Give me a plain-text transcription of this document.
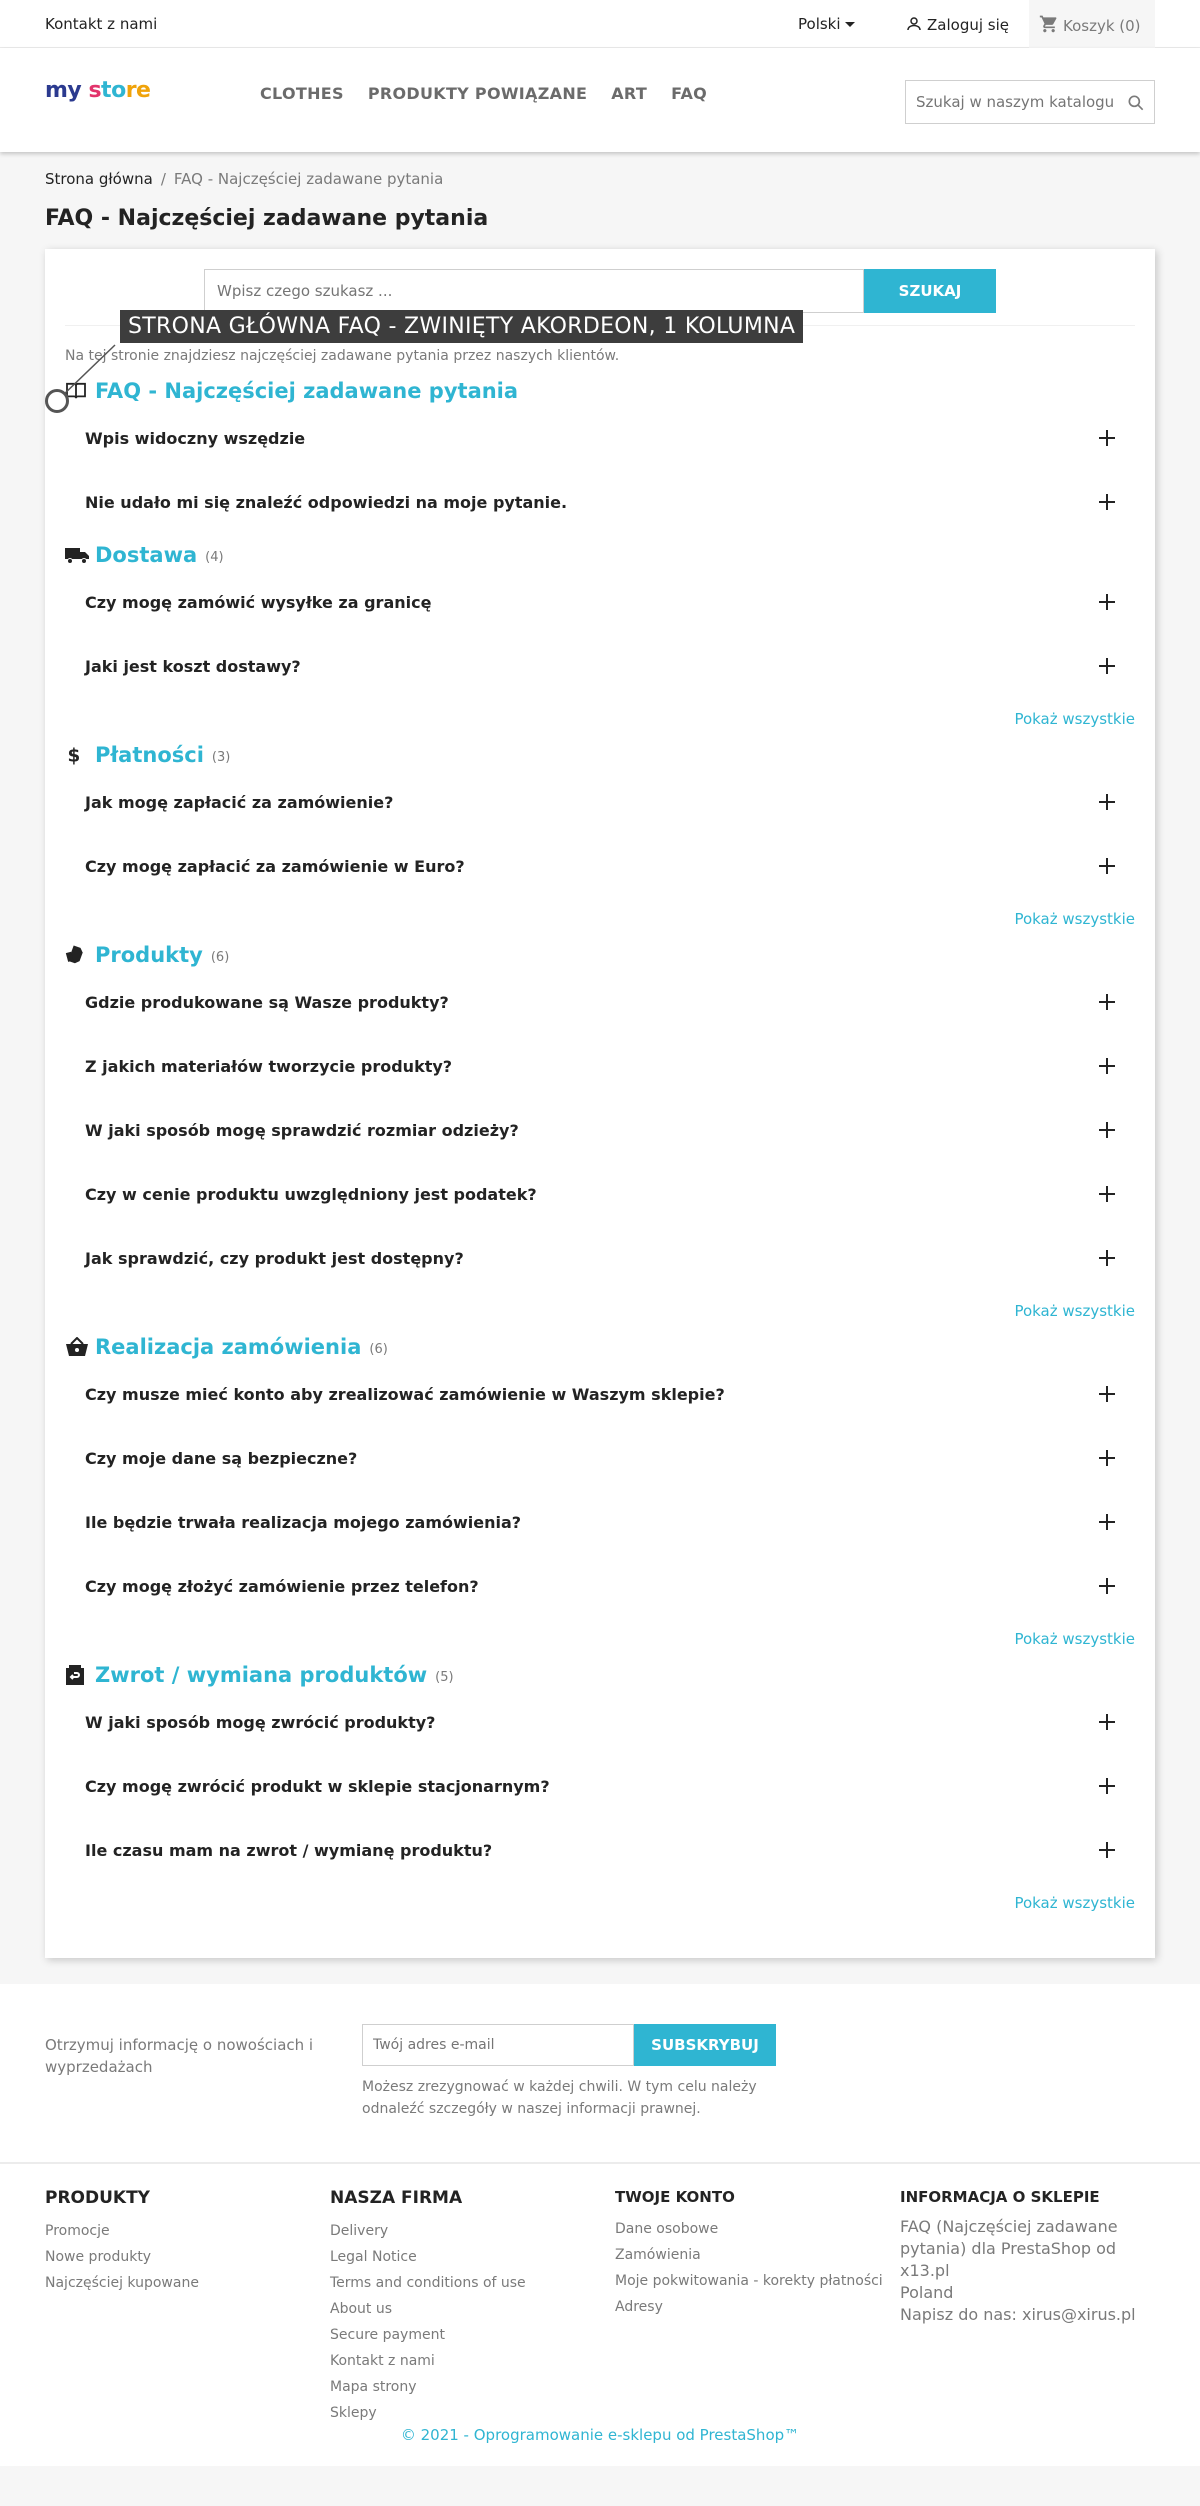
Kontakt z nami	Polski	Zaloguj się	Koszyk (0)
my store	CLOTHES PRODUKTY POWIĄZANE ART FAQ
Szukaj w naszym katalogu
Strona główna / FAQ - Najczęściej zadawane pytania
FAQ - Najczęściej zadawane pytania
STRONA GŁÓWNA FAQ - ZWINIĘTY AKORDEON, 1 KOLUMNA
Wpisz czego szukasz ...
SZUKAJ

Na tej stronie znajdziesz najczęściej zadawane pytania przez naszych klientów.

FAQ - Najczęściej zadawane pytania
Wpis widoczny wszędzie
Nie udało mi się znaleźć odpowiedzi na moje pytanie.
Dostawa (4)
Czy mogę zamówić wysyłke za granicę
Jaki jest koszt dostawy?
Pokaż wszystkie
$ Płatności (3)
Jak mogę zapłacić za zamówienie?
Czy mogę zapłacić za zamówienie w Euro?
Pokaż wszystkie
Produkty (6)
Gdzie produkowane są Wasze produkty?
Z jakich materiałów tworzycie produkty?
W jaki sposób mogę sprawdzić rozmiar odzieży?
Czy w cenie produktu uwzględniony jest podatek?
Jak sprawdzić, czy produkt jest dostępny?
Pokaż wszystkie
Realizacja zamówienia (6)
Czy musze mieć konto aby zrealizować zamówienie w Waszym sklepie?
Czy moje dane są bezpieczne?
Ile będzie trwała realizacja mojego zamówienia?
Czy mogę złożyć zamówienie przez telefon?
Pokaż wszystkie
Zwrot / wymiana produktów (5)
W jaki sposób mogę zwrócić produkty?
Czy mogę zwrócić produkt w sklepie stacjonarnym?
Ile czasu mam na zwrot / wymianę produktu?
Pokaż wszystkie

Otrzymuj informację o nowościach i wyprzedażach

Twój adres e-mail
SUBSKRYBUJ

Możesz zrezygnować w każdej chwili. W tym celu należy odnaleźć szczegóły w naszej informacji prawnej.

PRODUKTY
Promocje
Nowe produkty
Najczęściej kupowane
NASZA FIRMA
Delivery
Legal Notice
Terms and conditions of use
About us
Secure payment
Kontakt z nami
Mapa strony
Sklepy
TWOJE KONTO
Dane osobowe
Zamówienia
Moje pokwitowania - korekty płatności
Adresy
INFORMACJA O SKLEPIE
FAQ (Najczęściej zadawane pytania) dla PrestaShop od x13.pl
Poland
Napisz do nas: xirus@xirus.pl
© 2021 - Oprogramowanie e-sklepu od PrestaShop™
